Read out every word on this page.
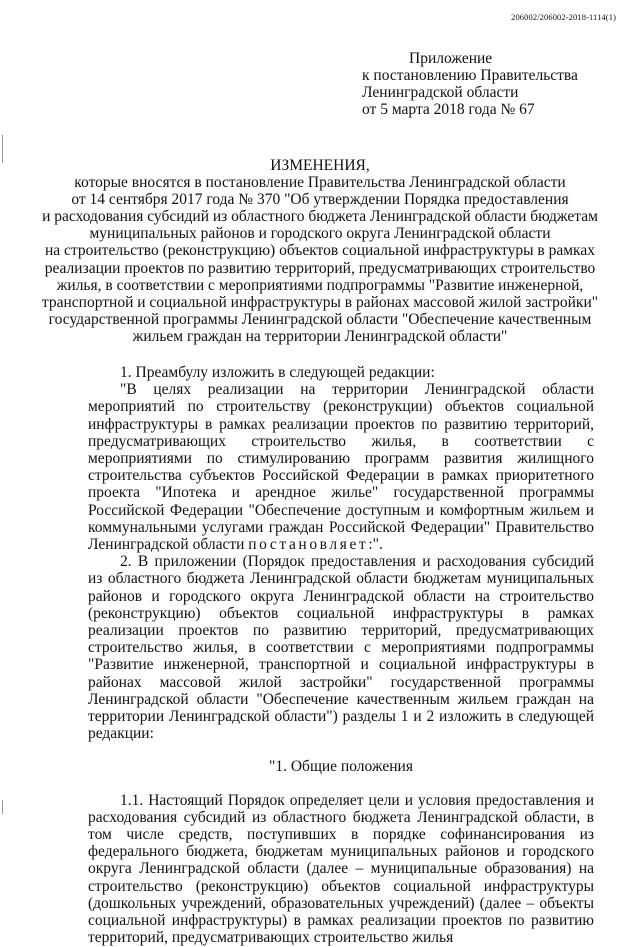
206002/206002-2018-1114(1)
Приложение
к постановлению Правительства
Ленинградской области
от 5 марта 2018 года № 67
ИЗМЕНЕНИЯ,
которые вносятся в постановление Правительства Ленинградской области
от 14 сентября 2017 года № 370 "Об утверждении Порядка предоставления
и расходования субсидий из областного бюджета Ленинградской области бюджетам
муниципальных районов и городского округа Ленинградской области
на строительство (реконструкцию) объектов социальной инфраструктуры в рамках
реализации проектов по развитию территорий, предусматривающих строительство
жилья, в соответствии с мероприятиями подпрограммы "Развитие инженерной,
транспортной и социальной инфраструктуры в районах массовой жилой застройки"
государственной программы Ленинградской области "Обеспечение качественным
жильем граждан на территории Ленинградской области"

1. Преамбулу изложить в следующей редакции:

"В целях реализации на территории Ленинградской области мероприятий по строительству (реконструкции) объектов социальной инфраструктуры в рамках реализации проектов по развитию территорий, предусматривающих строительство жилья, в соответствии с мероприятиями по стимулированию программ развития жилищного строительства субъектов Российской Федерации в рамках приоритетного проекта "Ипотека и арендное жилье" государственной программы Российской Федерации "Обеспечение доступным и комфортным жильем и коммунальными услугами граждан Российской Федерации" Правительство Ленинградской области постановляет:".

2. В приложении (Порядок предоставления и расходования субсидий из областного бюджета Ленинградской области бюджетам муниципальных районов и городского округа Ленинградской области на строительство (реконструкцию) объектов социальной инфраструктуры в рамках реализации проектов по развитию территорий, предусматривающих строительство жилья, в соответствии с мероприятиями подпрограммы "Развитие инженерной, транспортной и социальной инфраструктуры в районах массовой жилой застройки" государственной программы Ленинградской области "Обеспечение качественным жильем граждан на территории Ленинградской области") разделы 1 и 2 изложить в следующей редакции:

"1. Общие положения

1.1. Настоящий Порядок определяет цели и условия предоставления и расходования субсидий из областного бюджета Ленинградской области, в том числе средств, поступивших в порядке софинансирования из федерального бюджета, бюджетам муниципальных районов и городского округа Ленинградской области (далее – муниципальные образования) на строительство (реконструкцию) объектов социальной инфраструктуры (дошкольных учреждений, образовательных учреждений) (далее – объекты социальной инфраструктуры) в рамках реализации проектов по развитию территорий, предусматривающих строительство жилья
